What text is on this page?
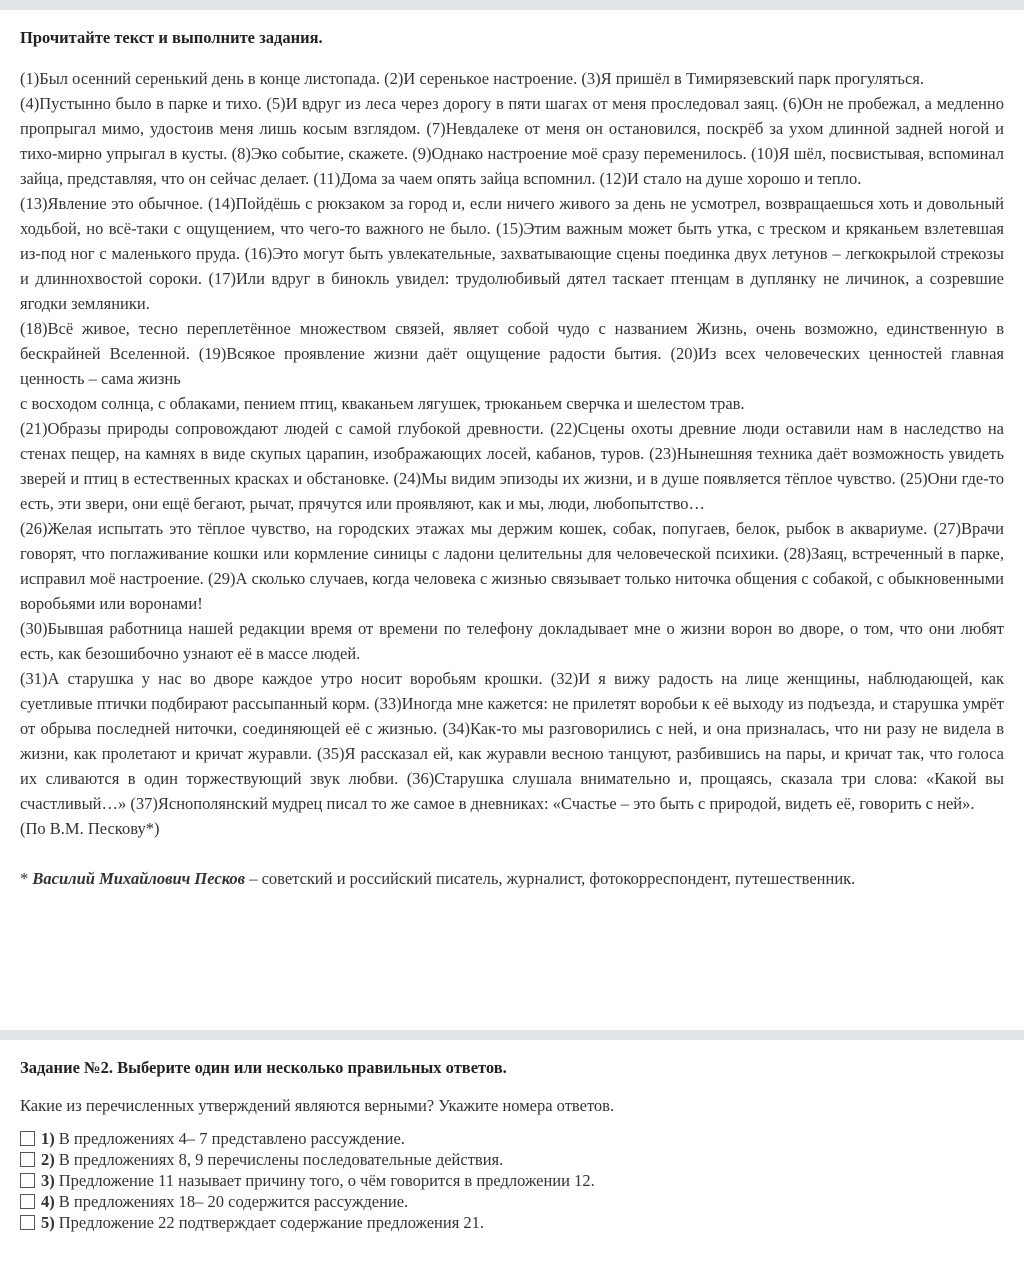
Прочитайте текст и выполните задания.

(1)Был осенний серенький день в конце листопада. (2)И серенькое настроение. (3)Я пришёл в Тимирязевский парк прогуляться.

(4)Пустынно было в парке и тихо. (5)И вдруг из леса через дорогу в пяти шагах от меня проследовал заяц. (6)Он не пробежал, а медленно пропрыгал мимо, удостоив меня лишь косым взглядом. (7)Невдалеке от меня он остановился, поскрёб за ухом длинной задней ногой и тихо-мирно упрыгал в кусты. (8)Эко событие, скажете. (9)Однако настроение моё сразу переменилось. (10)Я шёл, посвистывая, вспоминал зайца, представляя, что он сейчас делает. (11)Дома за чаем опять зайца вспомнил. (12)И стало на душе хорошо и тепло.

(13)Явление это обычное. (14)Пойдёшь с рюкзаком за город и, если ничего живого за день не усмотрел, возвращаешься хоть и довольный ходьбой, но всё-таки с ощущением, что чего-то важного не было. (15)Этим важным может быть утка, с треском и кряканьем взлетевшая из-под ног с маленького пруда. (16)Это могут быть увлекательные, захватывающие сцены поединка двух летунов – легкокрылой стрекозы и длиннохвостой сороки. (17)Или вдруг в бинокль увидел: трудолюбивый дятел таскает птенцам в дуплянку не личинок, а созревшие ягодки земляники.

(18)Всё живое, тесно переплетённое множеством связей, являет собой чудо с названием Жизнь, очень возможно, единственную в бескрайней Вселенной. (19)Всякое проявление жизни даёт ощущение радости бытия. (20)Из всех человеческих ценностей главная ценность – сама жизнь

с восходом солнца, с облаками, пением птиц, кваканьем лягушек, трюканьем сверчка и шелестом трав.

(21)Образы природы сопровождают людей с самой глубокой древности. (22)Сцены охоты древние люди оставили нам в наследство на стенах пещер, на камнях в виде скупых царапин, изображающих лосей, кабанов, туров. (23)Нынешняя техника даёт возможность увидеть зверей и птиц в естественных красках и обстановке. (24)Мы видим эпизоды их жизни, и в душе появляется тёплое чувство. (25)Они где-то есть, эти звери, они ещё бегают, рычат, прячутся или проявляют, как и мы, люди, любопытство…

(26)Желая испытать это тёплое чувство, на городских этажах мы держим кошек, собак, попугаев, белок, рыбок в аквариуме. (27)Врачи говорят, что поглаживание кошки или кормление синицы с ладони целительны для человеческой психики. (28)Заяц, встреченный в парке, исправил моё настроение. (29)А сколько случаев, когда человека с жизнью связывает только ниточка общения с собакой, с обыкновенными воробьями или воронами!

(30)Бывшая работница нашей редакции время от времени по телефону докладывает мне о жизни ворон во дворе, о том, что они любят есть, как безошибочно узнают её в массе людей.

(31)А старушка у нас во дворе каждое утро носит воробьям крошки. (32)И я вижу радость на лице женщины, наблюдающей, как суетливые птички подбирают рассыпанный корм. (33)Иногда мне кажется: не прилетят воробьи к её выходу из подъезда, и старушка умрёт от обрыва последней ниточки, соединяющей её с жизнью. (34)Как-то мы разговорились с ней, и она призналась, что ни разу не видела в жизни, как пролетают и кричат журавли. (35)Я рассказал ей, как журавли весною танцуют, разбившись на пары, и кричат так, что голоса их сливаются в один торжествующий звук любви. (36)Старушка слушала внимательно и, прощаясь, сказала три слова: «Какой вы счастливый…» (37)Яснополянский мудрец писал то же самое в дневниках: «Счастье – это быть с природой, видеть её, говорить с ней».

(По В.М. Пескову*)

* Василий Михайлович Песков – советский и российский писатель, журналист, фотокорреспондент, путешественник.
Задание №2. Выберите один или несколько правильных ответов.
Какие из перечисленных утверждений являются верными? Укажите номера ответов.
1) В предложениях 4– 7 представлено рассуждение.
2) В предложениях 8, 9 перечислены последовательные действия.
3) Предложение 11 называет причину того, о чём говорится в предложении 12.
4) В предложениях 18– 20 содержится рассуждение.
5) Предложение 22 подтверждает содержание предложения 21.
